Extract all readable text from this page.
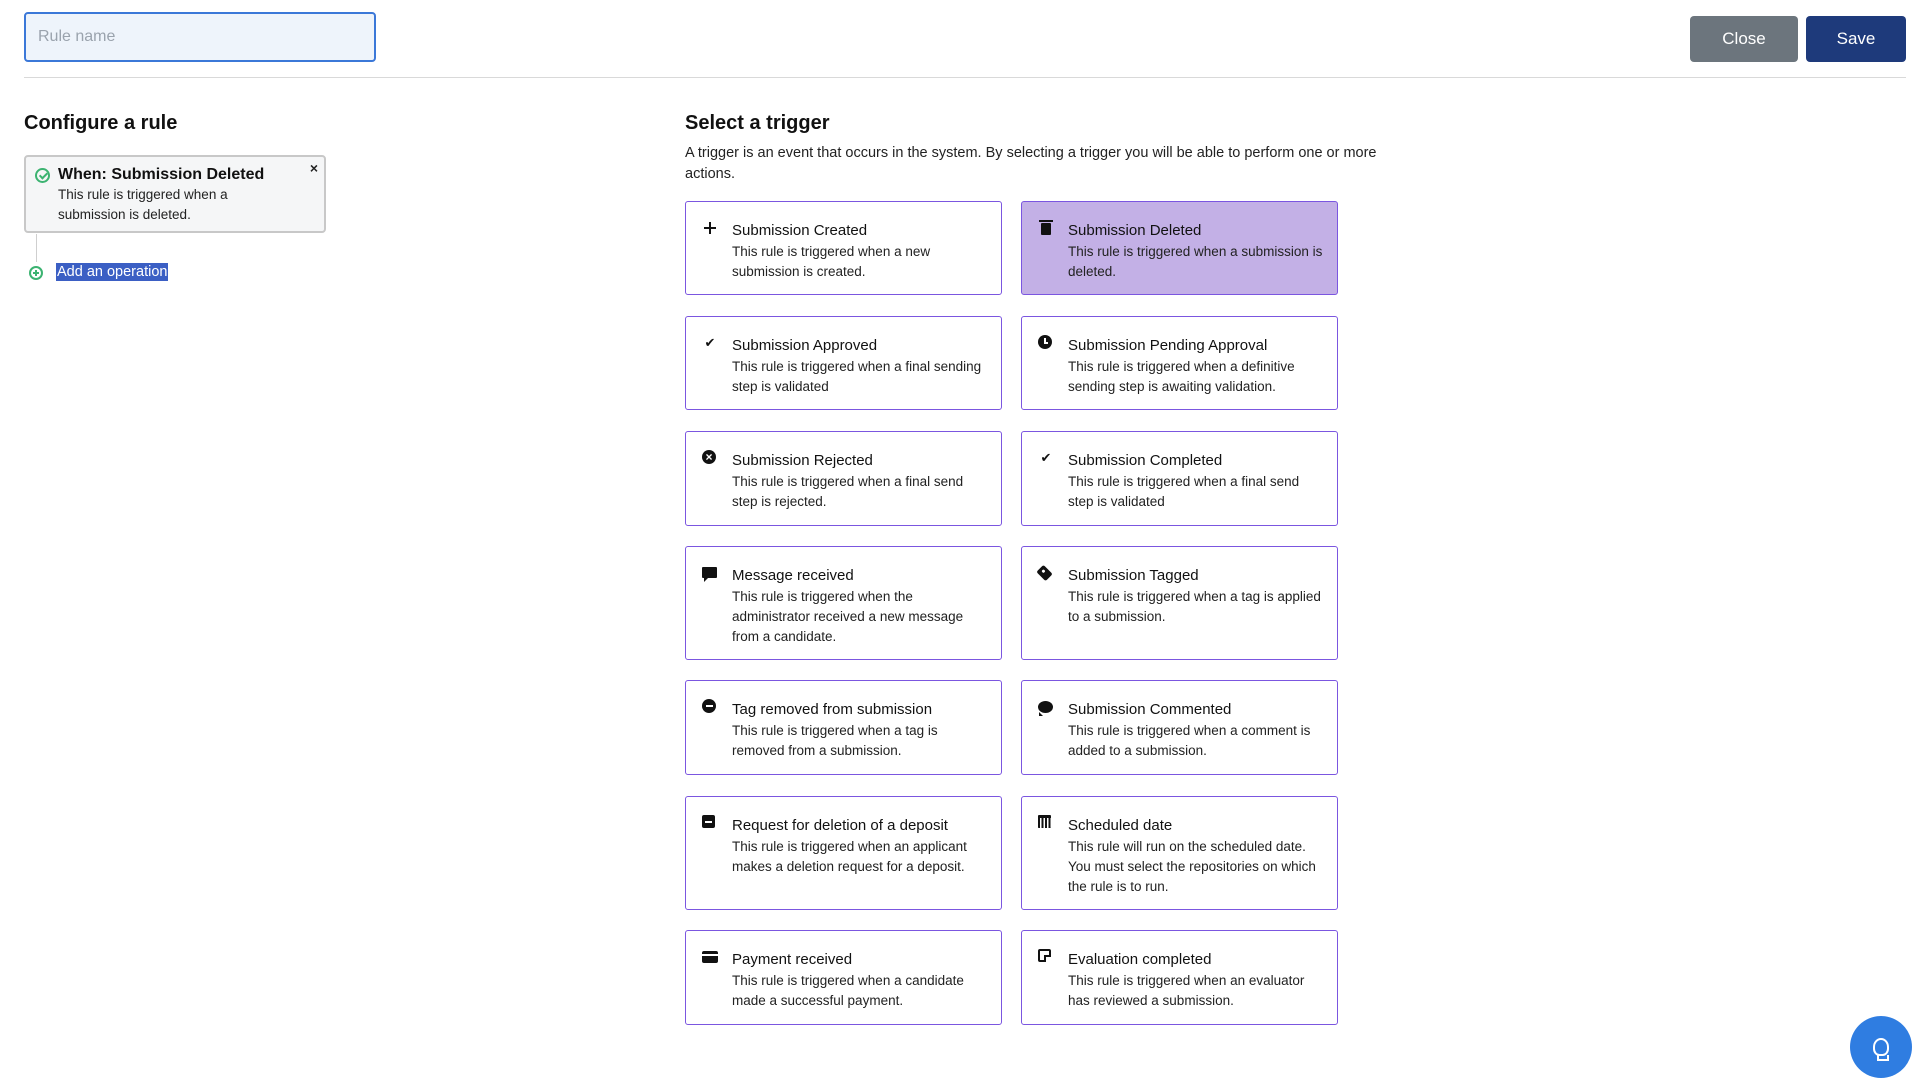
Rule name
Close	Save
Configure a rule
When: Submission Deleted
This rule is triggered when a submission is deleted.
×
Add an operation
Select a trigger

A trigger is an event that occurs in the system. By selecting a trigger you will be able to perform one or more actions.

Submission Created
This rule is triggered when a new submission is created.
Submission Deleted
This rule is triggered when a submission is deleted.
✔ Submission Approved
This rule is triggered when a final sending step is validated
Submission Pending Approval
This rule is triggered when a definitive sending step is awaiting validation.
×
Submission Rejected
This rule is triggered when a final send step is rejected.
✔ Submission Completed
This rule is triggered when a final send step is validated
Message received
This rule is triggered when the administrator received a new message from a candidate.
Submission Tagged
This rule is triggered when a tag is applied to a submission.
Tag removed from submission
This rule is triggered when a tag is removed from a submission.
Submission Commented
This rule is triggered when a comment is added to a submission.
Request for deletion of a deposit
This rule is triggered when an applicant makes a deletion request for a deposit.
Scheduled date
This rule will run on the scheduled date. You must select the repositories on which the rule is to run.
Payment received
This rule is triggered when a candidate made a successful payment.
Evaluation completed
This rule is triggered when an evaluator has reviewed a submission.
